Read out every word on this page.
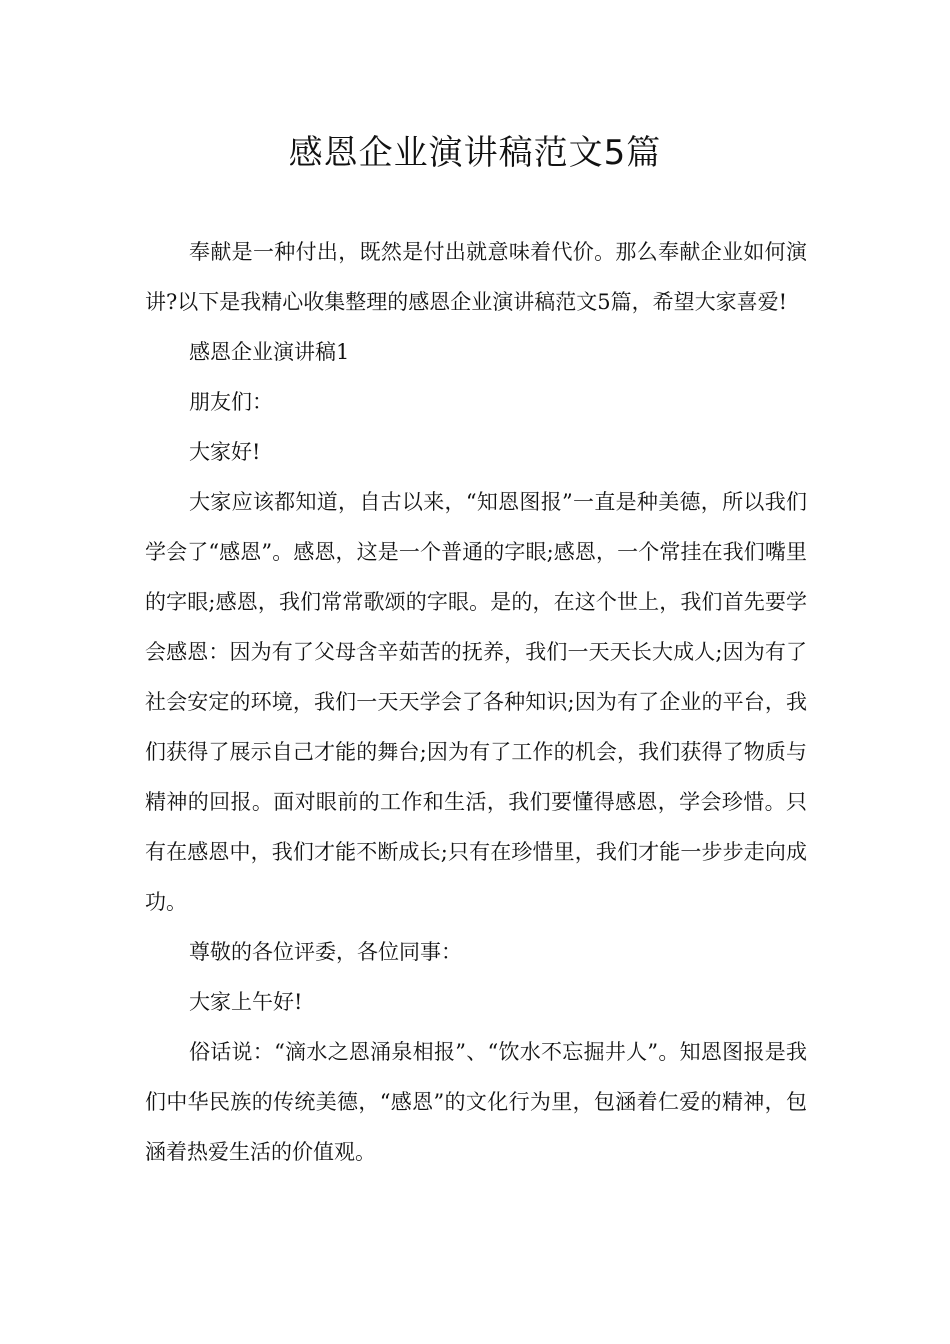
感恩企业演讲稿范文5篇

奉献是一种付出，既然是付出就意味着代价。那么奉献企业如何演讲?以下是我精心收集整理的感恩企业演讲稿范文5篇，希望大家喜爱!

感恩企业演讲稿1

朋友们：

大家好!

大家应该都知道，自古以来，“知恩图报”一直是种美德，所以我们学会了“感恩”。感恩，这是一个普通的字眼;感恩，一个常挂在我们嘴里的字眼;感恩，我们常常歌颂的字眼。是的，在这个世上，我们首先要学会感恩：因为有了父母含辛茹苦的抚养，我们一天天长大成人;因为有了社会安定的环境，我们一天天学会了各种知识;因为有了企业的平台，我们获得了展示自己才能的舞台;因为有了工作的机会，我们获得了物质与精神的回报。面对眼前的工作和生活，我们要懂得感恩，学会珍惜。只有在感恩中，我们才能不断成长;只有在珍惜里，我们才能一步步走向成功。

尊敬的各位评委，各位同事：

大家上午好!

俗话说：“滴水之恩涌泉相报”、“饮水不忘掘井人”。知恩图报是我们中华民族的传统美德，“感恩”的文化行为里，包涵着仁爱的精神，包涵着热爱生活的价值观。
